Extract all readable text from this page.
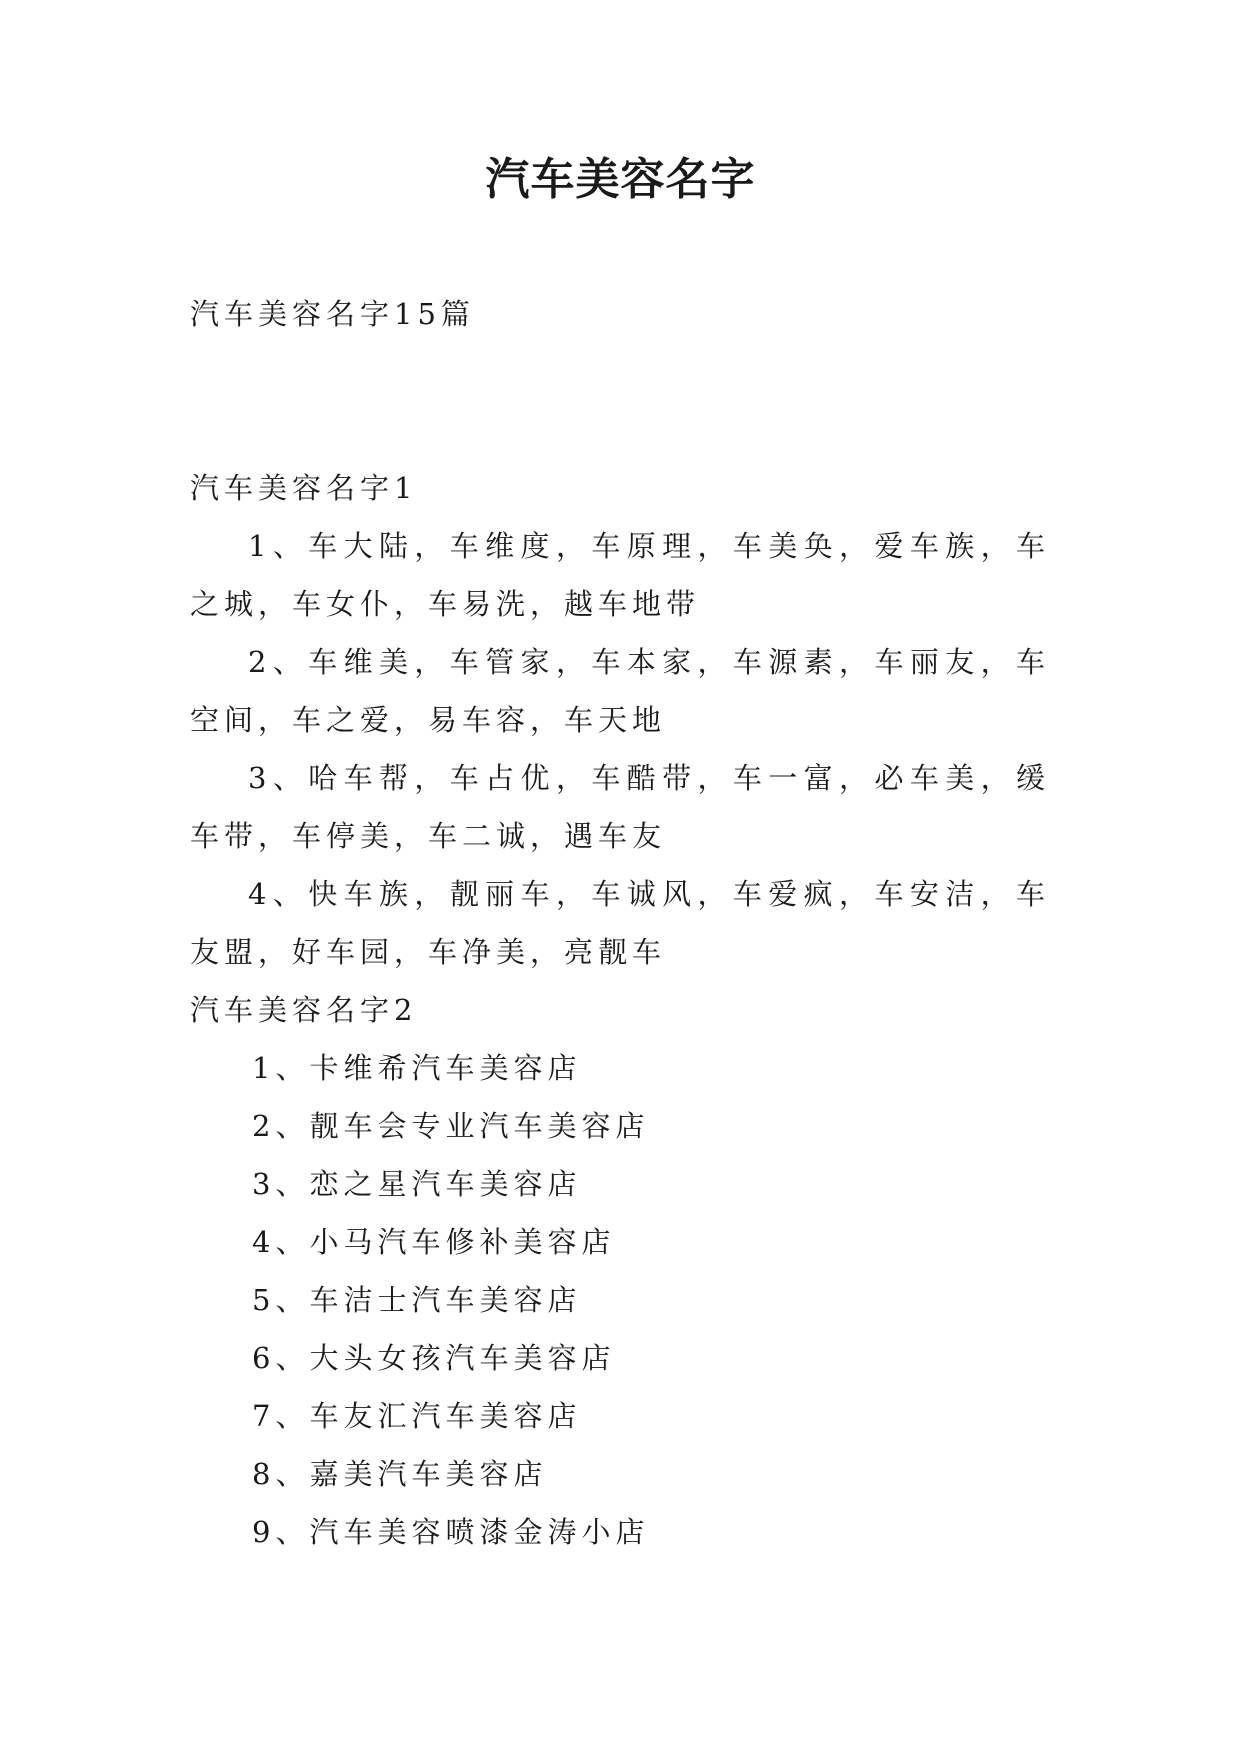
汽车美容名字

汽车美容名字15篇

汽车美容名字1

1、车大陆，车维度，车原理，车美奂，爱车族，车之城，车女仆，车易洗，越车地带

2、车维美，车管家，车本家，车源素，车丽友，车空间，车之爱，易车容，车天地

3、哈车帮，车占优，车酷带，车一富，必车美，缓车带，车停美，车二诚，遇车友

4、快车族，靓丽车，车诚风，车爱疯，车安洁，车友盟，好车园，车净美，亮靓车

汽车美容名字2

1、卡维希汽车美容店

2、靓车会专业汽车美容店

3、恋之星汽车美容店

4、小马汽车修补美容店

5、车洁士汽车美容店

6、大头女孩汽车美容店

7、车友汇汽车美容店

8、嘉美汽车美容店

9、汽车美容喷漆金涛小店
